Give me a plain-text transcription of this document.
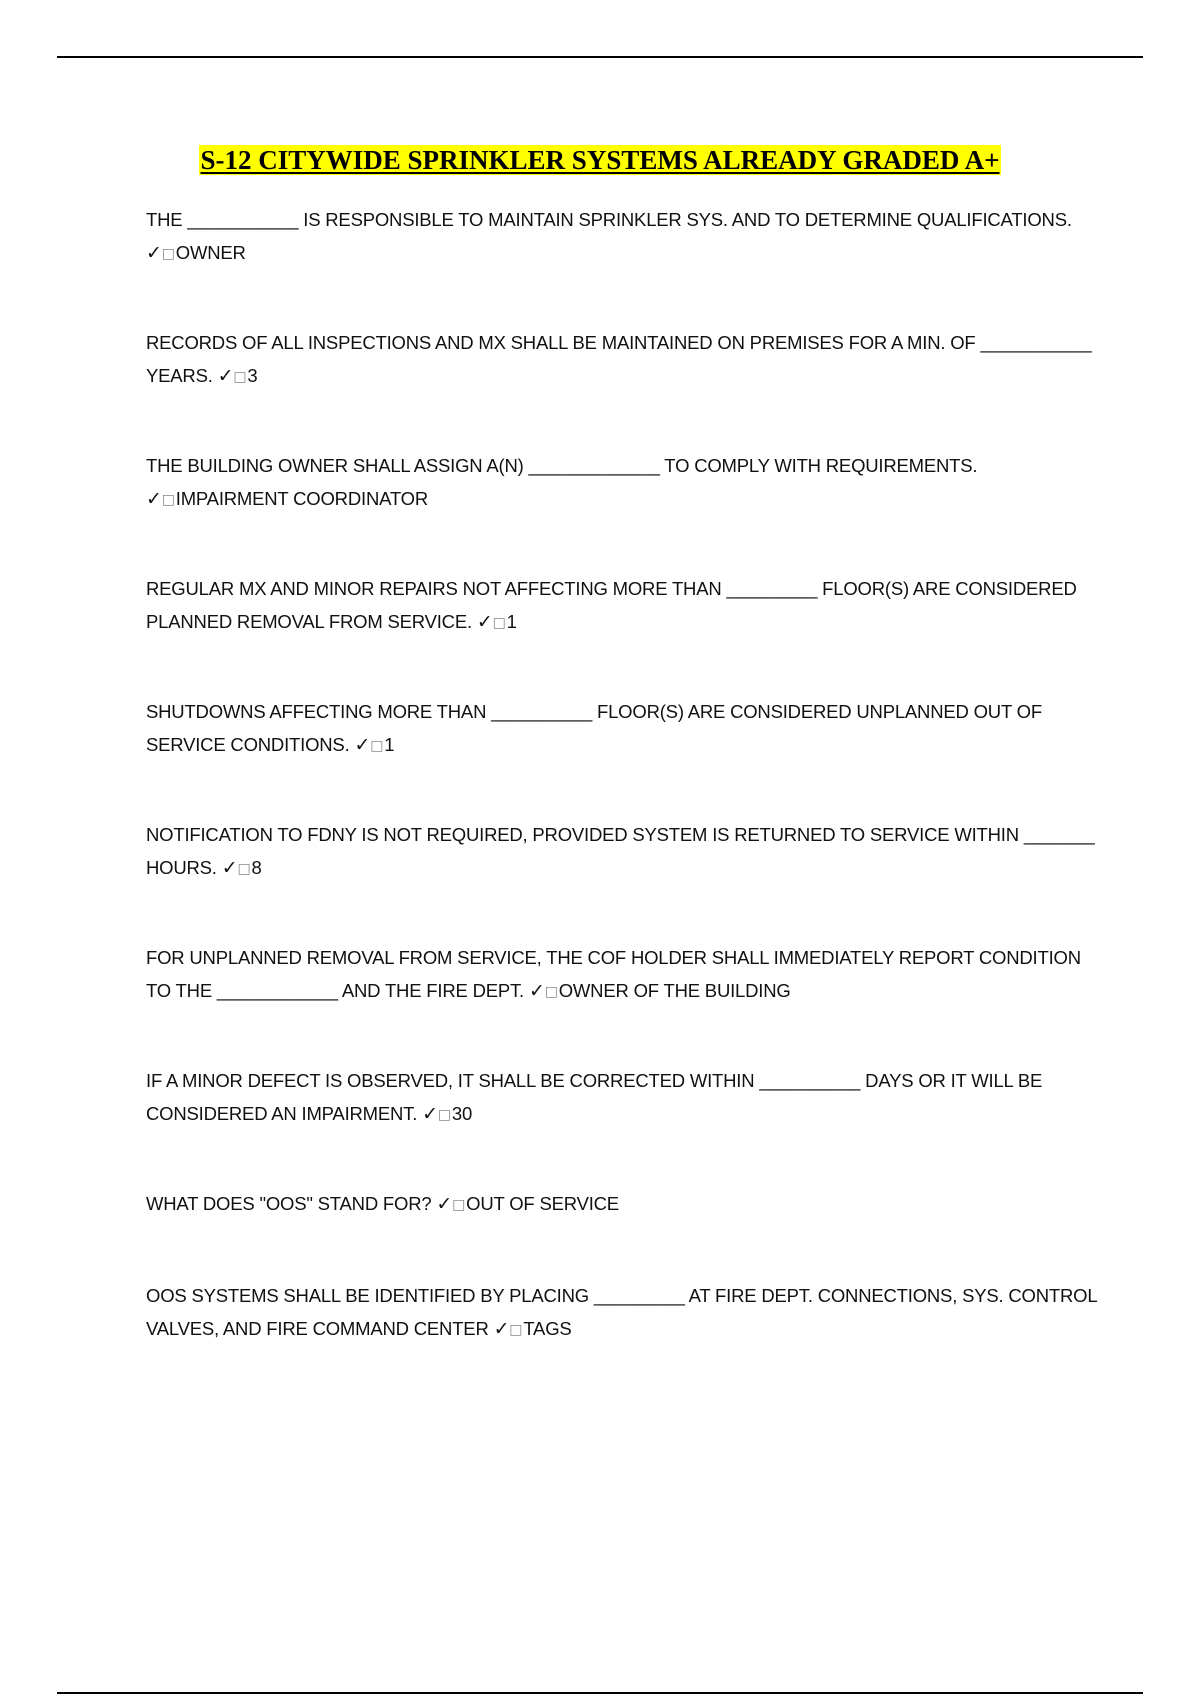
S-12 CITYWIDE SPRINKLER SYSTEMS ALREADY GRADED A+

THE ___________ IS RESPONSIBLE TO MAINTAIN SPRINKLER SYS. AND TO DETERMINE QUALIFICATIONS.
✓□OWNER

RECORDS OF ALL INSPECTIONS AND MX SHALL BE MAINTAINED ON PREMISES FOR A MIN. OF ___________ YEARS. ✓□3

THE BUILDING OWNER SHALL ASSIGN A(N) _____________ TO COMPLY WITH REQUIREMENTS.
✓□IMPAIRMENT COORDINATOR

REGULAR MX AND MINOR REPAIRS NOT AFFECTING MORE THAN _________ FLOOR(S) ARE CONSIDERED PLANNED REMOVAL FROM SERVICE. ✓□1

SHUTDOWNS AFFECTING MORE THAN __________ FLOOR(S) ARE CONSIDERED UNPLANNED OUT OF SERVICE CONDITIONS. ✓□1

NOTIFICATION TO FDNY IS NOT REQUIRED, PROVIDED SYSTEM IS RETURNED TO SERVICE WITHIN _______ HOURS. ✓□8

FOR UNPLANNED REMOVAL FROM SERVICE, THE COF HOLDER SHALL IMMEDIATELY REPORT CONDITION TO THE ____________ AND THE FIRE DEPT. ✓□OWNER OF THE BUILDING

IF A MINOR DEFECT IS OBSERVED, IT SHALL BE CORRECTED WITHIN __________ DAYS OR IT WILL BE CONSIDERED AN IMPAIRMENT. ✓□30

WHAT DOES "OOS" STAND FOR? ✓□OUT OF SERVICE

OOS SYSTEMS SHALL BE IDENTIFIED BY PLACING _________ AT FIRE DEPT. CONNECTIONS, SYS. CONTROL VALVES, AND FIRE COMMAND CENTER ✓□TAGS
